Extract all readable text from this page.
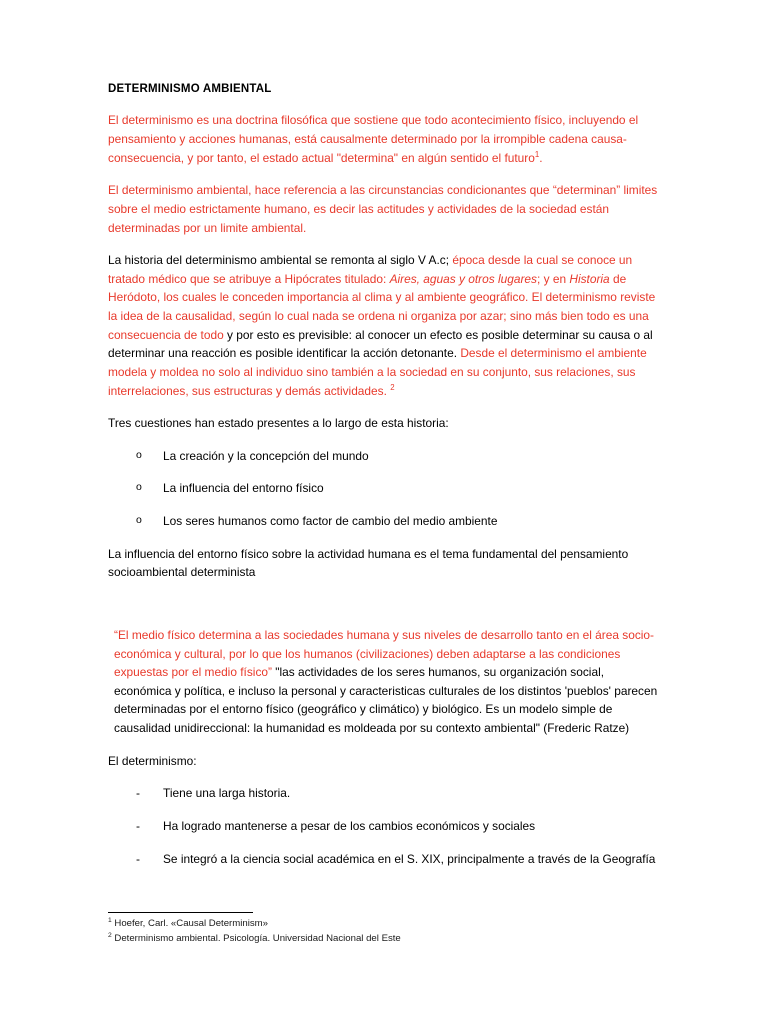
DETERMINISMO AMBIENTAL

El determinismo es una doctrina filosófica que sostiene que todo acontecimiento físico, incluyendo el pensamiento y acciones humanas, está causalmente determinado por la irrompible cadena causa-consecuencia, y por tanto, el estado actual "determina" en algún sentido el futuro$^1$.

El determinismo ambiental, hace referencia a las circunstancias condicionantes que “determinan” limites sobre el medio estrictamente humano, es decir las actitudes y actividades de la sociedad están determinadas por un limite ambiental.

La historia del determinismo ambiental se remonta al siglo V A.c; época desde la cual se conoce un tratado médico que se atribuye a Hipócrates titulado: Aires, aguas y otros lugares; y en Historia de Heródoto, los cuales le conceden importancia al clima y al ambiente geográfico. El determinismo reviste la idea de la causalidad, según lo cual nada se ordena ni organiza por azar; sino más bien todo es una consecuencia de todo y por esto es previsible: al conocer un efecto es posible determinar su causa o al determinar una reacción es posible identificar la acción detonante. Desde el determinismo el ambiente modela y moldea no solo al individuo sino también a la sociedad en su conjunto, sus relaciones, sus interrelaciones, sus estructuras y demás actividades. $^2$

Tres cuestiones han estado presentes a lo largo de esta historia:

o La creación y la concepción del mundo
o La influencia del entorno físico
o Los seres humanos como factor de cambio del medio ambiente

La influencia del entorno físico sobre la actividad humana es el tema fundamental del pensamiento socioambiental determinista

“El medio físico determina a las sociedades humana y sus niveles de desarrollo tanto en el área socio-económica y cultural, por lo que los humanos (civilizaciones) deben adaptarse a las condiciones expuestas por el medio físico” "las actividades de los seres humanos, su organización social, económica y política, e incluso la personal y caracteristicas culturales de los distintos 'pueblos' parecen determinadas por el entorno físico (geográfico y climático) y biológico. Es un modelo simple de causalidad unidireccional: la humanidad es moldeada por su contexto ambiental" (Frederic Ratze)

El determinismo:

- Tiene una larga historia.
- Ha logrado mantenerse a pesar de los cambios económicos y sociales
- Se integró a la ciencia social académica en el S. XIX, principalmente a través de la Geografía

$^1$ Hoefer, Carl. «Causal Determinism»

$^2$ Determinismo ambiental. Psicología. Universidad Nacional del Este
